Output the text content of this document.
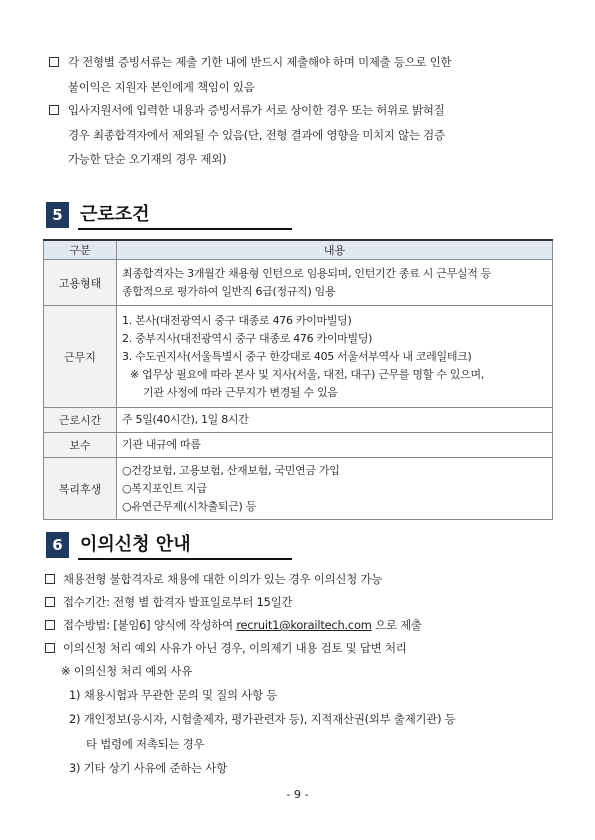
각 전형별 증빙서류는 제출 기한 내에 반드시 제출해야 하며 미제출 등으로 인한
불이익은 지원자 본인에게 책임이 있음
입사지원서에 입력한 내용과 증빙서류가 서로 상이한 경우 또는 허위로 밝혀질
경우 최종합격자에서 제외될 수 있음(단, 전형 결과에 영향을 미치지 않는 검증
가능한 단순 오기재의 경우 제외)
5 근로조건
구분	내용
고용형태	최종합격자는 3개월간 채용형 인턴으로 임용되며, 인턴기간 종료 시 근무실적 등
종합적으로 평가하여 일반직 6급(정규직) 임용

근무지	1. 본사(대전광역시 중구 대종로 476 카이마빌딩)
2. 중부지사(대전광역시 중구 대종로 476 카이마빌딩)
3. 수도권지사(서울특별시 중구 한강대로 405 서울서부역사 내 코레일테크)
※ 업무상 필요에 따라 본사 및 지사(서울, 대전, 대구) 근무를 명할 수 있으며,
기관 사정에 따라 근무지가 변경될 수 있음

근로시간	주 5일(40시간), 1일 8시간

보수	기관 내규에 따름

복리후생	○건강보험, 고용보험, 산재보험, 국민연금 가입
○복지포인트 지급
○유연근무제(시차출퇴근) 등
6 이의신청 안내
채용전형 불합격자로 채용에 대한 이의가 있는 경우 이의신청 가능
접수기간: 전형 별 합격자 발표일로부터 15일간
접수방법: [붙임6] 양식에 작성하여 recruit1@korailtech.com 으로 제출
이의신청 처리 예외 사유가 아닌 경우, 이의제기 내용 검토 및 답변 처리
※ 이의신청 처리 예외 사유
1) 채용시험과 무관한 문의 및 질의 사항 등
2) 개인정보(응시자, 시험출제자, 평가관련자 등), 지적재산권(외부 출제기관) 등
타 법령에 저촉되는 경우
3) 기타 상기 사유에 준하는 사항
- 9 -
